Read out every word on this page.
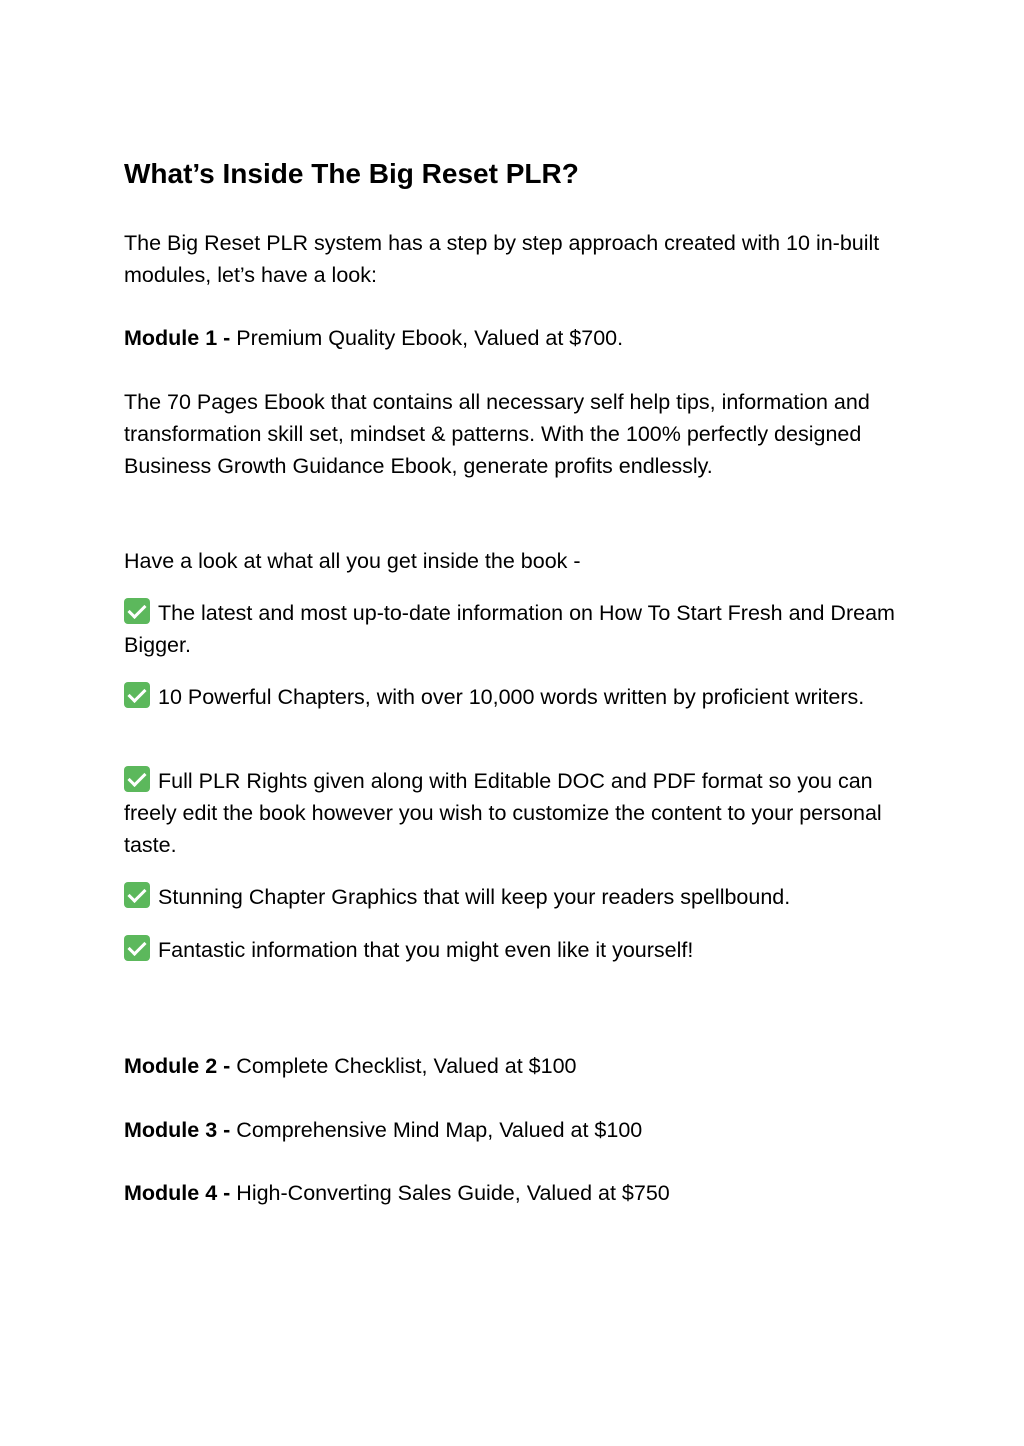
What’s Inside The Big Reset PLR?

The Big Reset PLR system has a step by step approach created with 10 in-built modules, let’s have a look:

Module 1 - Premium Quality Ebook, Valued at $700.

The 70 Pages Ebook that contains all necessary self help tips, information and transformation skill set, mindset & patterns. With the 100% perfectly designed Business Growth Guidance Ebook, generate profits endlessly.

Have a look at what all you get inside the book -

The latest and most up-to-date information on How To Start Fresh and Dream Bigger.

10 Powerful Chapters, with over 10,000 words written by proficient writers.

Full PLR Rights given along with Editable DOC and PDF format so you can freely edit the book however you wish to customize the content to your personal taste.

Stunning Chapter Graphics that will keep your readers spellbound.

Fantastic information that you might even like it yourself!

Module 2 - Complete Checklist, Valued at $100

Module 3 - Comprehensive Mind Map, Valued at $100

Module 4 - High-Converting Sales Guide, Valued at $750
